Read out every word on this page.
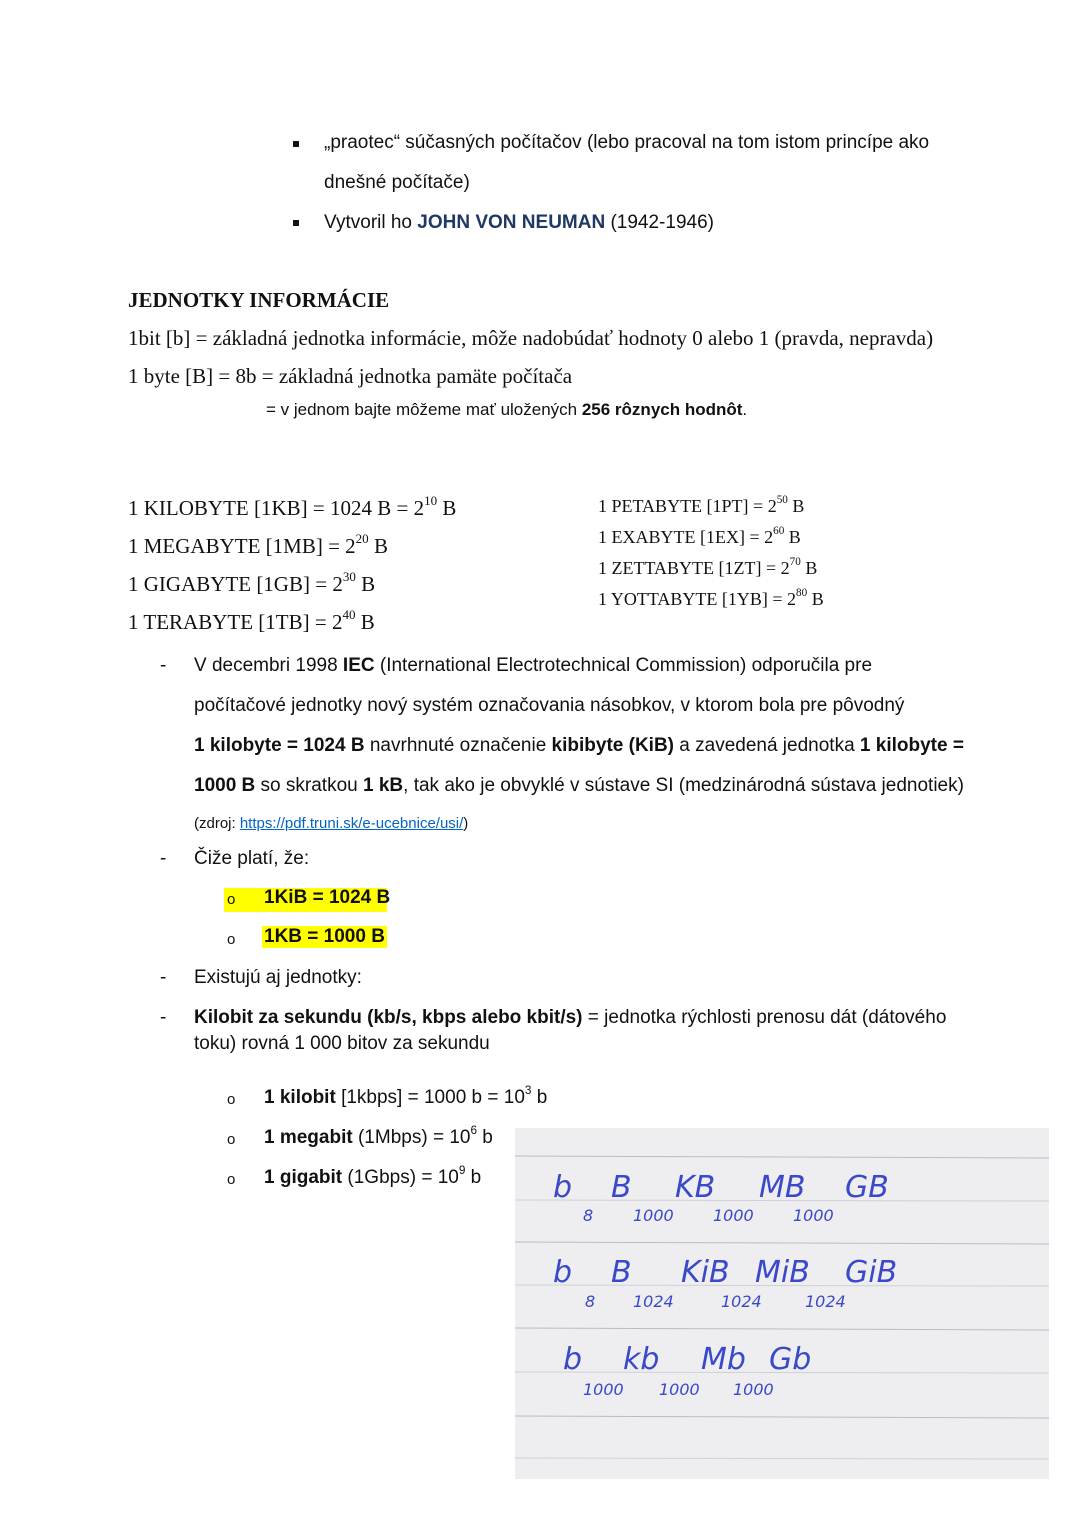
„praotec“ súčasných počítačov (lebo pracoval na tom istom princípe ako
dnešné počítače)
Vytvoril ho JOHN VON NEUMAN (1942-1946)
JEDNOTKY INFORMÁCIE
1bit [b] = základná jednotka informácie, môže nadobúdať hodnoty 0 alebo 1 (pravda, nepravda)
1 byte [B] = 8b = základná jednotka pamäte počítača
= v jednom bajte môžeme mať uložených 256 rôznych hodnôt.
1 KILOBYTE [1KB] = 1024 $B = 2^{10}$ B
1 MEGABYTE $[1MB] = 2^{20}$ B
1 GIGABYTE $[1GB] = 2^{30}$ B
1 TERABYTE $[1TB] = 2^{40}$ B
1 PETABYTE $[1PT] = 2^{50}$ B
1 EXABYTE $[1EX] = 2^{60}$ B
1 ZETTABYTE $[1ZT] = 2^{70}$ B
1 YOTTABYTE $[1YB] = 2^{80}$ B
- V decembri 1998 IEC (International Electrotechnical Commission) odporučila pre
počítačové jednotky nový systém označovania násobkov, v ktorom bola pre pôvodný
1 kilobyte = 1024 B navrhnuté označenie kibibyte (KiB) a zavedená jednotka 1 kilobyte =
1000 B so skratkou 1 kB, tak ako je obvyklé v sústave SI (medzinárodná sústava jednotiek)
(zdroj: https://pdf.truni.sk/e-ucebnice/usi/)
- Čiže platí, že:
o 1KiB = 1024 B
o 1KB = 1000 B
- Existujú aj jednotky:
- Kilobit za sekundu (kb/s, kbps alebo kbit/s) = jednotka rýchlosti prenosu dát (dátového
toku) rovná 1 000 bitov za sekundu
o 1 kilobit [1kbps] = 1000 $b = 10^3$ b
o 1 megabit (1Mbps) = $10^6$ b
o 1 gigabit (1Gbps) = $10^9$ b b B KB MB GB
8 1000 1000 1000
b B KiB MiB GiB
8 1024	1024	1024
b kb Mb Gb
1000 1000 1000
